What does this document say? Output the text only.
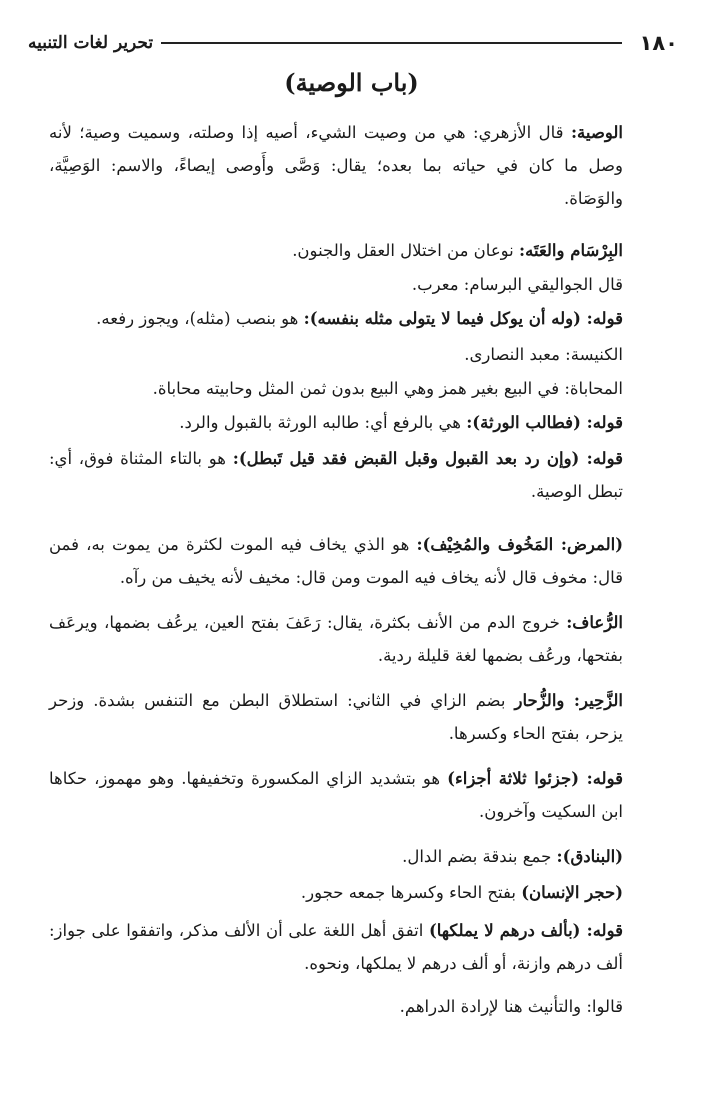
تحرير لغات التنبيه	١٨٠
(باب الوصية)
الوصية: قال الأزهري: هي من وصيت الشيء، أصيه إذا وصلته، وسميت وصية؛ لأنه وصل ما كان في حياته بما بعده؛ يقال: وَصَّى وأَوصى إيصاءً، والاسم: الوَصِيَّة، والوَصَاة.
البِرْسَام والعَتَه: نوعان من اختلال العقل والجنون.
قال الجواليقي البرسام: معرب.
قوله: (وله أن يوكل فيما لا يتولى مثله بنفسه): هو بنصب (مثله)، ويجوز رفعه.
الكنيسة: معبد النصارى.
المحاباة: في البيع بغير همز وهي البيع بدون ثمن المثل وحابيته محاباة.
قوله: (فطالب الورثة): هي بالرفع أي: طالبه الورثة بالقبول والرد.
قوله: (وإن رد بعد القبول وقبل القبض فقد قيل تَبطل): هو بالتاء المثناة فوق، أي: تبطل الوصية.
(المرض: المَخُوف والمُخِيْف): هو الذي يخاف فيه الموت لكثرة من يموت به، فمن قال: مخوف قال لأنه يخاف فيه الموت ومن قال: مخيف لأنه يخيف من رآه.
الرُّعاف: خروج الدم من الأنف بكثرة، يقال: رَعَفَ بفتح العين، يرعُف بضمها، ويرعَف بفتحها، ورعُف بضمها لغة قليلة ردية.
الزَّحِير: والزُّحار بضم الزاي في الثاني: استطلاق البطن مع التنفس بشدة. وزحر يزحر، بفتح الحاء وكسرها.
قوله: (جزئوا ثلاثة أجزاء) هو بتشديد الزاي المكسورة وتخفيفها. وهو مهموز، حكاها ابن السكيت وآخرون.
(البنادق): جمع بندقة بضم الدال.
(حجر الإنسان) بفتح الحاء وكسرها جمعه حجور.
قوله: (بألف درهم لا يملكها) اتفق أهل اللغة على أن الألف مذكر، واتفقوا على جواز: ألف درهم وازنة، أو ألف درهم لا يملكها، ونحوه.
قالوا: والتأنيث هنا لإرادة الدراهم.
